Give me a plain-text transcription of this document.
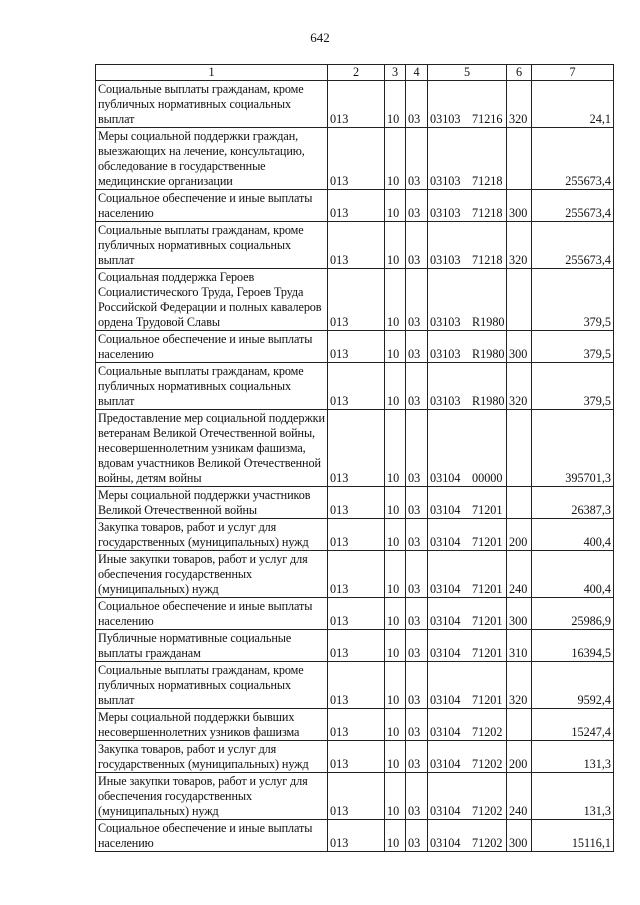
642
1	2	3	4	5	6	7
Социальные выплаты гражданам, кроме публичных нормативных социальных выплат	013	10	03	03103 71216	320	24,1
Меры социальной поддержки граждан, выезжающих на лечение, консультацию, обследование в государственные медицинские организации	013	10	03	03103 71218		255673,4
Социальное обеспечение и иные выплаты населению	013	10	03	03103 71218	300	255673,4
Социальные выплаты гражданам, кроме публичных нормативных социальных выплат	013	10	03	03103 71218	320	255673,4
Социальная поддержка Героев Социалистического Труда, Героев Труда Российской Федерации и полных кавалеров ордена Трудовой Славы	013	10	03	03103 R1980		379,5
Социальное обеспечение и иные выплаты населению	013	10	03	03103 R1980	300	379,5
Социальные выплаты гражданам, кроме публичных нормативных социальных выплат	013	10	03	03103 R1980	320	379,5
Предоставление мер социальной поддержки ветеранам Великой Отечественной войны, несовершеннолетним узникам фашизма, вдовам участников Великой Отечественной войны, детям войны	013	10	03	03104 00000		395701,3
Меры социальной поддержки участников Великой Отечественной войны	013	10	03	03104 71201		26387,3
Закупка товаров, работ и услуг для государственных (муниципальных) нужд	013	10	03	03104 71201	200	400,4
Иные закупки товаров, работ и услуг для обеспечения государственных (муниципальных) нужд	013	10	03	03104 71201	240	400,4
Социальное обеспечение и иные выплаты населению	013	10	03	03104 71201	300	25986,9
Публичные нормативные социальные выплаты гражданам	013	10	03	03104 71201	310	16394,5
Социальные выплаты гражданам, кроме публичных нормативных социальных выплат	013	10	03	03104 71201	320	9592,4
Меры социальной поддержки бывших несовершеннолетних узников фашизма	013	10	03	03104 71202		15247,4
Закупка товаров, работ и услуг для государственных (муниципальных) нужд	013	10	03	03104 71202	200	131,3
Иные закупки товаров, работ и услуг для обеспечения государственных (муниципальных) нужд	013	10	03	03104 71202	240	131,3
Социальное обеспечение и иные выплаты населению	013	10	03	03104 71202	300	15116,1
